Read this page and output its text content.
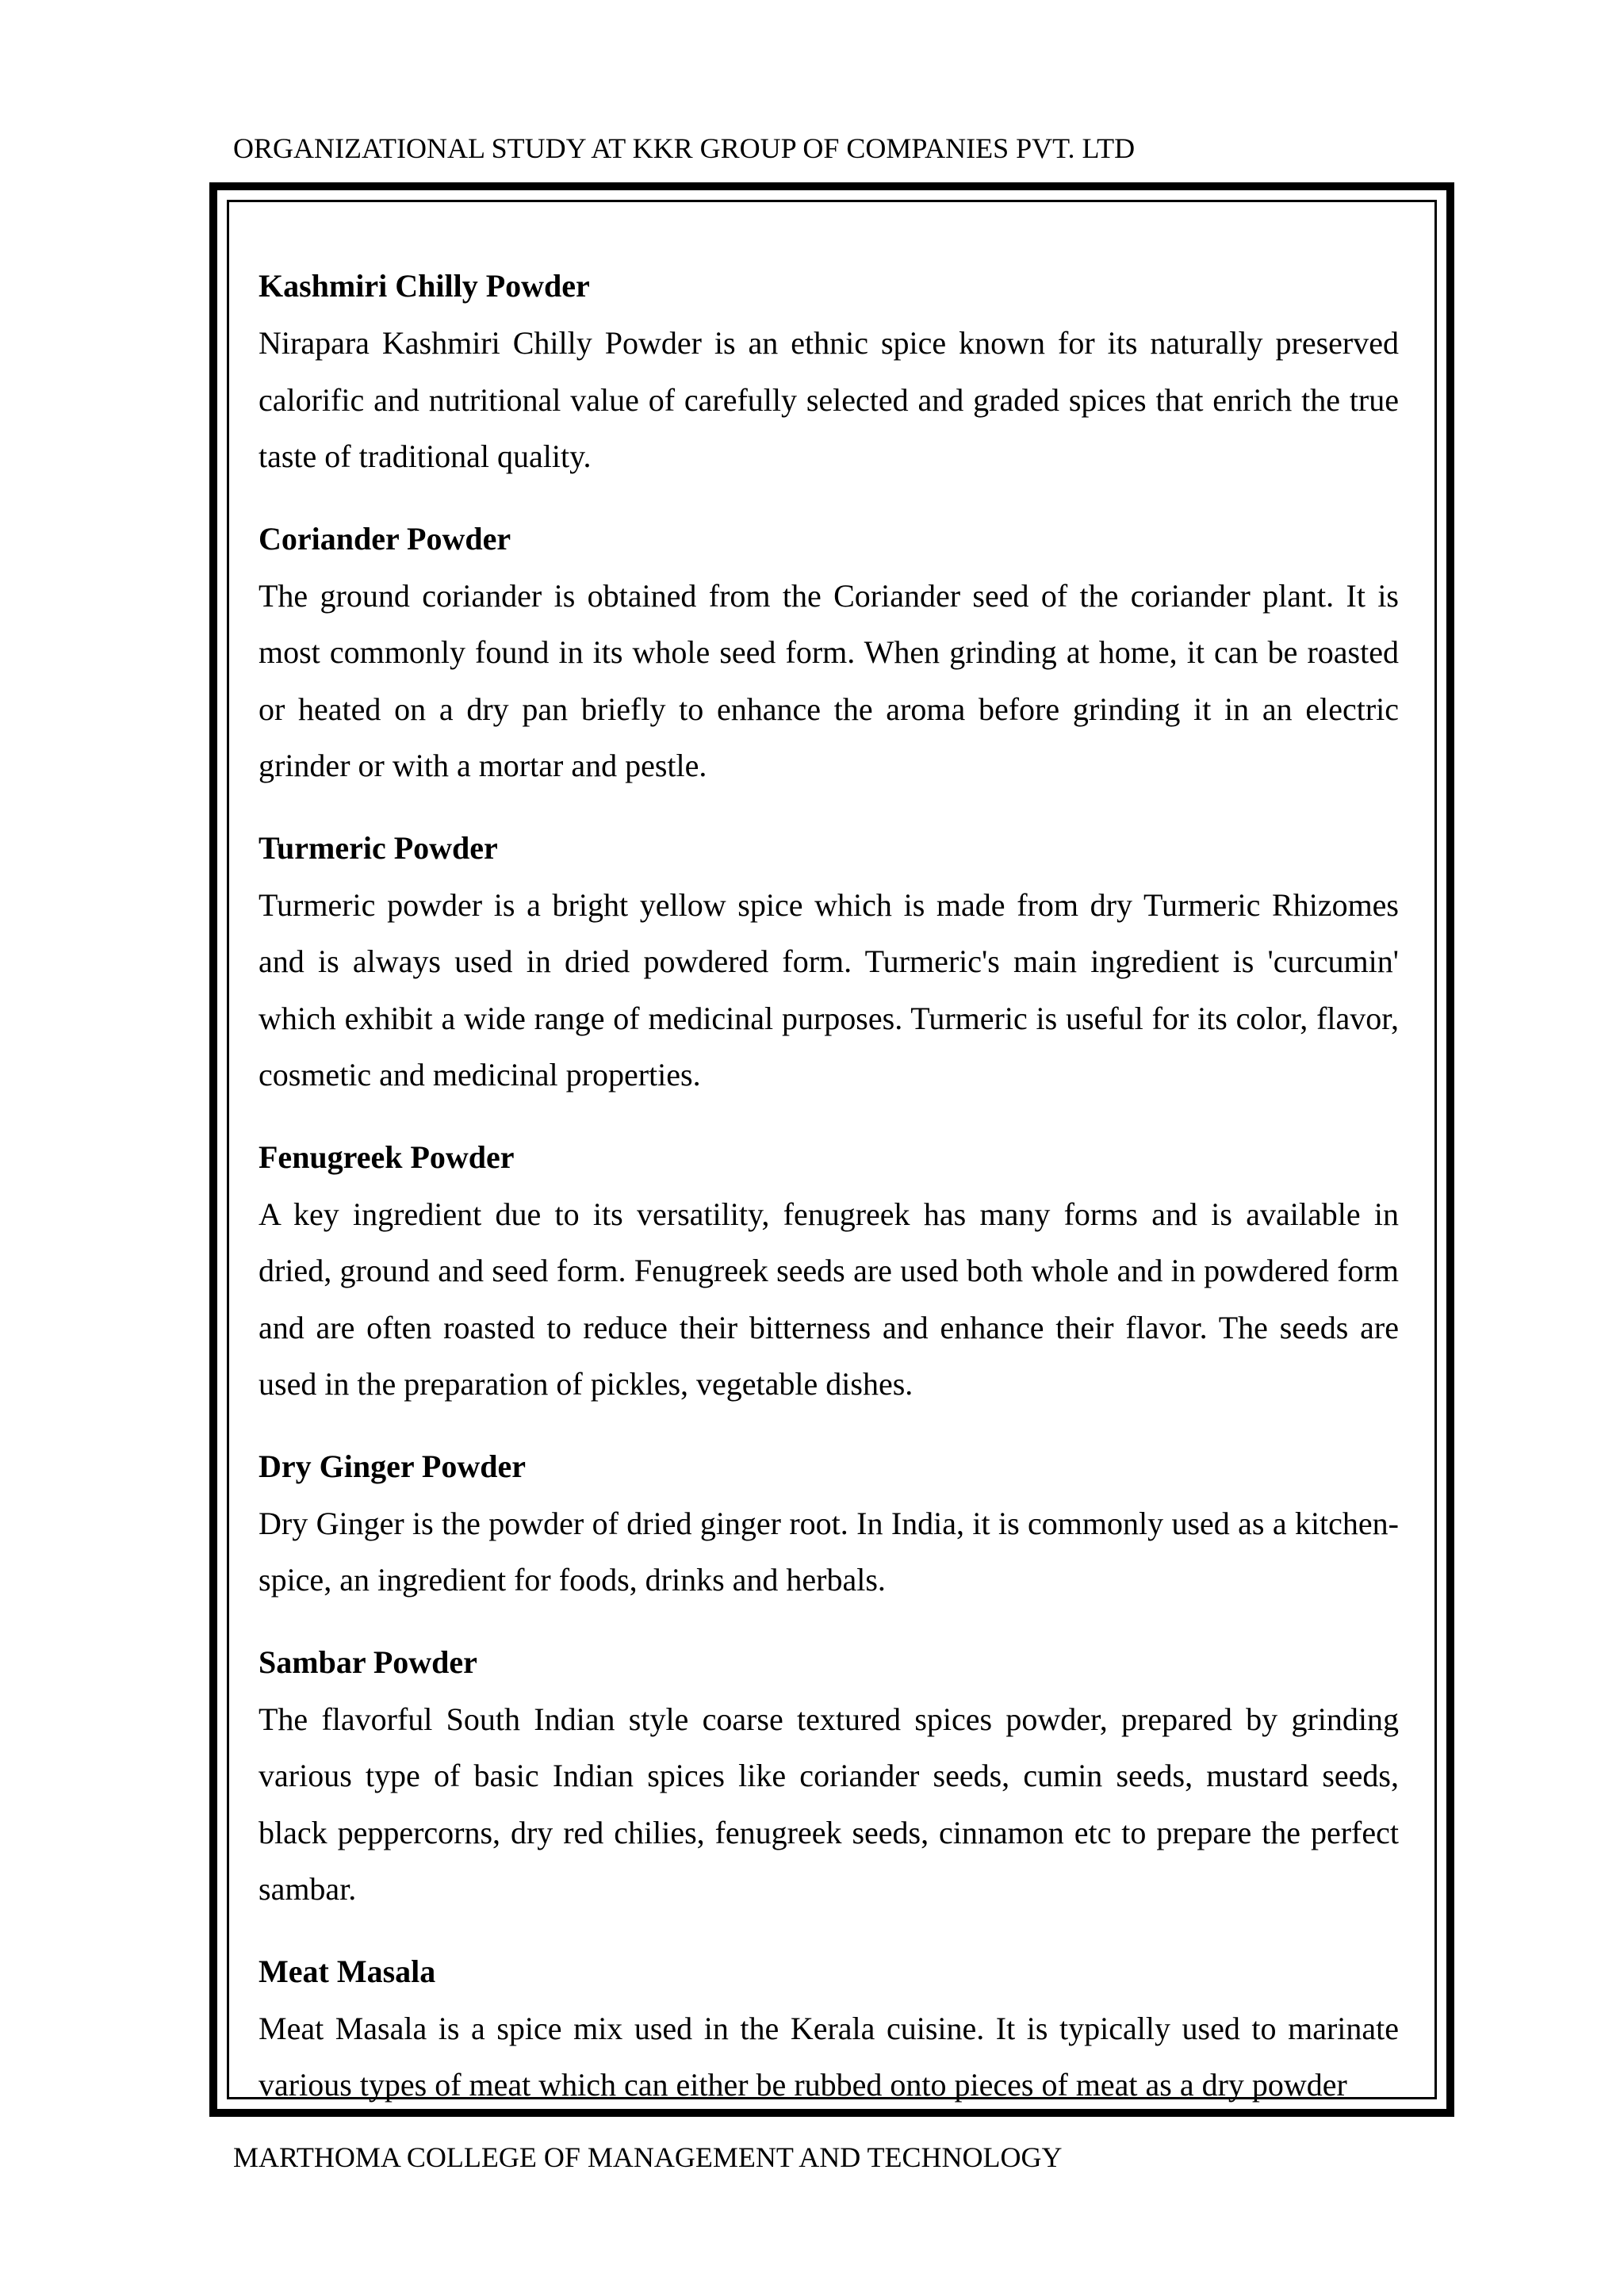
ORGANIZATIONAL STUDY AT KKR GROUP OF COMPANIES PVT. LTD
Kashmiri Chilly Powder

Nirapara Kashmiri Chilly Powder is an ethnic spice known for its naturally preserved calorific and nutritional value of carefully selected and graded spices that enrich the true taste of traditional quality.

Coriander Powder

The ground coriander is obtained from the Coriander seed of the coriander plant. It is most commonly found in its whole seed form. When grinding at home, it can be roasted or heated on a dry pan briefly to enhance the aroma before grinding it in an electric grinder or with a mortar and pestle.

Turmeric Powder

Turmeric powder is a bright yellow spice which is made from dry Turmeric Rhizomes and is always used in dried powdered form. Turmeric's main ingredient is 'curcumin' which exhibit a wide range of medicinal purposes. Turmeric is useful for its color, flavor, cosmetic and medicinal properties.

Fenugreek Powder

A key ingredient due to its versatility, fenugreek has many forms and is available in dried, ground and seed form. Fenugreek seeds are used both whole and in powdered form and are often roasted to reduce their bitterness and enhance their flavor. The seeds are used in the preparation of pickles, vegetable dishes.

Dry Ginger Powder

Dry Ginger is the powder of dried ginger root. In India, it is commonly used as a kitchen-spice, an ingredient for foods, drinks and herbals.

Sambar Powder

The flavorful South Indian style coarse textured spices powder, prepared by grinding various type of basic Indian spices like coriander seeds, cumin seeds, mustard seeds, black peppercorns, dry red chilies, fenugreek seeds, cinnamon etc to prepare the perfect sambar.

Meat Masala

Meat Masala is a spice mix used in the Kerala cuisine. It is typically used to marinate various types of meat which can either be rubbed onto pieces of meat as a dry powder

MARTHOMA COLLEGE OF MANAGEMENT AND TECHNOLOGY
